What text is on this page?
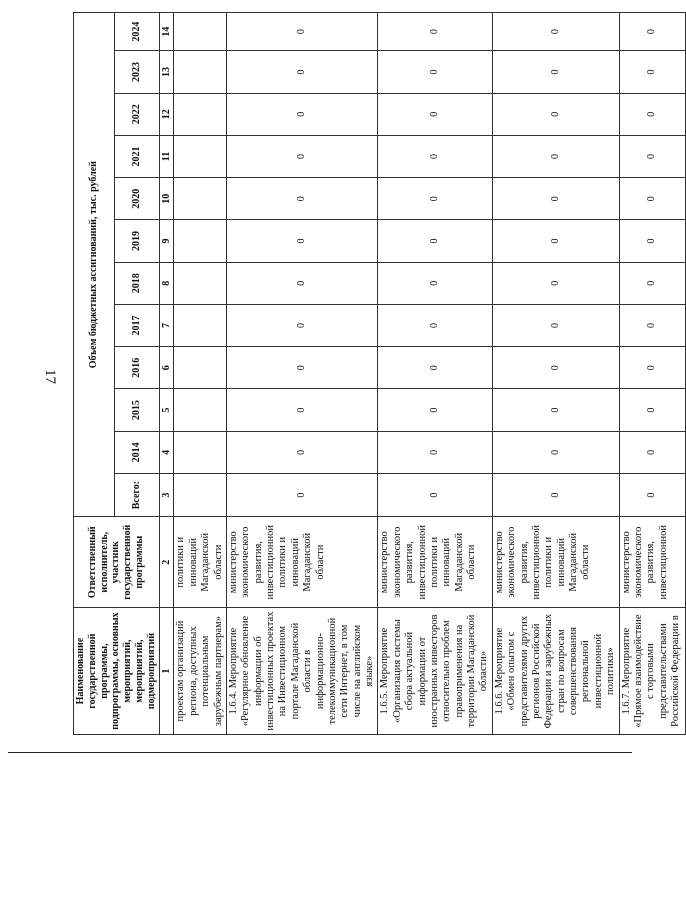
17
Наименование государственной программы, подпрограммы, основных мероприятий, мероприятий, подмероприятий	Ответственный исполнитель, участник государственной программы	Объем бюджетных ассигнований, тыс. рублей											
		Всего:	2014	2015	2016	2017	2018	2019	2020	2021	2022	2023	2024
1	2	3	4	5	6	7	8	9	10	11	12	13	14
проектам организаций региона, доступных потенциальным зарубежным партнерам»	политики и инноваций Магаданской области												
1.6.4. Мероприятие «Регулярное обновление информации об инвестиционных проектах на Инвестиционном портале Магаданской области в информационно-телекоммуникационной сети Интернет, в том числе на английском языке»	министерство экономического развития, инвестиционной политики и инноваций Магаданской области	0	0	0	0	0	0	0	0	0	0	0	0
1.6.5. Мероприятие «Организация системы сбора актуальной информации от иностранных инвесторов относительно проблем правоприменения на территории Магаданской области»	министерство экономического развития, инвестиционной политики и инноваций Магаданской области	0	0	0	0	0	0	0	0	0	0	0	0
1.6.6. Мероприятие «Обмен опытом с представителями других регионов Российской Федерации и зарубежных стран по вопросам совершенствования региональной инвестиционной политики»	министерство экономического развития, инвестиционной политики и инноваций Магаданской области	0	0	0	0	0	0	0	0	0	0	0	0
1.6.7. Мероприятие «Прямое взаимодействие с торговыми представительствами Российской Федерации в	министерство экономического развития, инвестиционной	0	0	0	0	0	0	0	0	0	0	0	0
